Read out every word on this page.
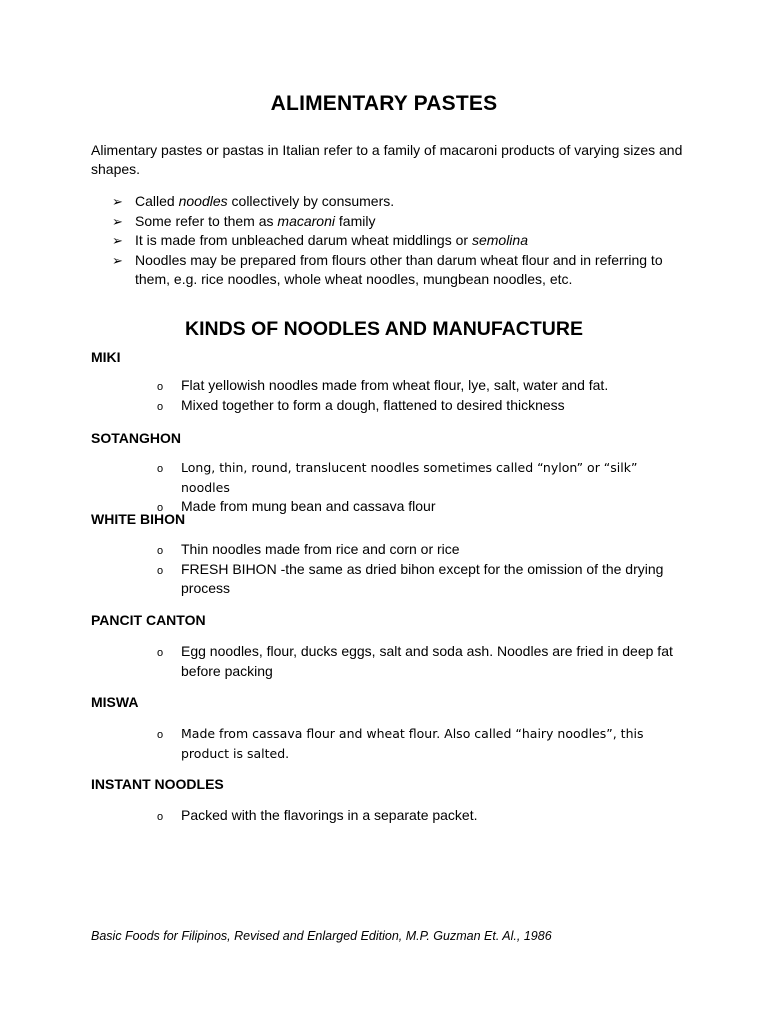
ALIMENTARY PASTES

Alimentary pastes or pastas in Italian refer to a family of macaroni products of varying sizes and shapes.

➢ Called noodles collectively by consumers.
➢ Some refer to them as macaroni family
➢ It is made from unbleached darum wheat middlings or semolina
➢ Noodles may be prepared from flours other than darum wheat flour and in referring to them, e.g. rice noodles, whole wheat noodles, mungbean noodles, etc.
KINDS OF NOODLES AND MANUFACTURE
MIKI
o Flat yellowish noodles made from wheat flour, lye, salt, water and fat.
o Mixed together to form a dough, flattened to desired thickness
SOTANGHON
o Long, thin, round, translucent noodles sometimes called “nylon” or “silk” noodles
o Made from mung bean and cassava flour
WHITE BIHON
o Thin noodles made from rice and corn or rice
o FRESH BIHON -the same as dried bihon except for the omission of the drying process
PANCIT CANTON
o Egg noodles, flour, ducks eggs, salt and soda ash. Noodles are fried in deep fat before packing
MISWA
o Made from cassava flour and wheat flour. Also called “hairy noodles”, this product is salted.
INSTANT NOODLES
o Packed with the flavorings in a separate packet.
Basic Foods for Filipinos, Revised and Enlarged Edition, M.P. Guzman Et. Al., 1986
